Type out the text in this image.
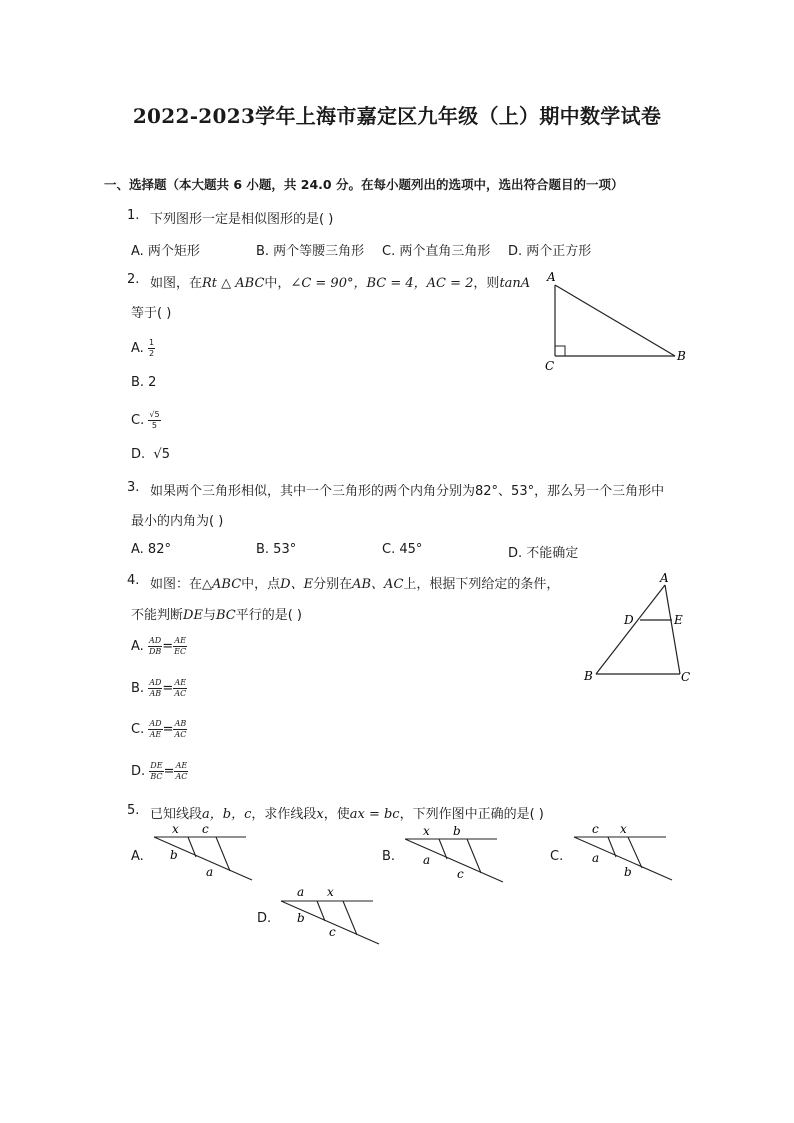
2022-2023学年上海市嘉定区九年级（上）期中数学试卷
一、选择题（本大题共 6 小题，共 24.0 分。在每小题列出的选项中，选出符合题目的一项）
1. 下列图形一定是相似图形的是( )
A. 两个矩形	B. 两个等腰三角形 C. 两个直角三角形 D. 两个正方形
2. 如图，在Rt △ ABC中，∠C = 90°，BC = 4，AC = 2，则tanA
等于( )
A. $\frac{1}{2}$
B. 2
C. $\frac{√5}{5}$
D. √5
A
C
B
3. 如果两个三角形相似，其中一个三角形的两个内角分别为82°、53°，那么另一个三角形中
最小的内角为( )
A. 82°	B. 53°	C. 45°	D. 不能确定
4. 如图：在△ABC中，点D、E分别在AB、AC上，根据下列给定的条件，
不能判断DE与BC平行的是( )
A. $\frac{AD}{DB} = \frac{AE}{EC}$
B. $\frac{AD}{AB} = \frac{AE}{AC}$
C. $\frac{AD}{AE} = \frac{AB}{AC}$
D. $\frac{DE}{BC} = \frac{AE}{AC}$
A
D	E
B	C
5. 已知线段a，b，c，求作线段x，使ax = bc，下列作图中正确的是( )
A.
x c
b
a
B.
x b
a
c
C.
c x
a
b
D.
a x
b
c
